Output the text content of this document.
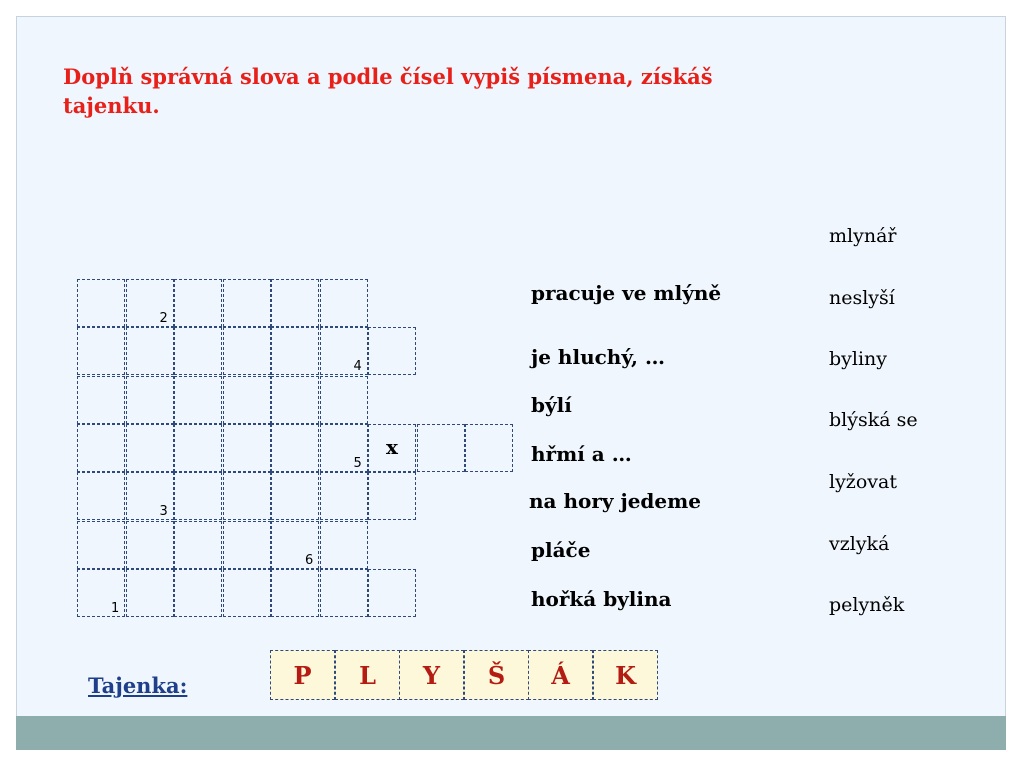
Doplň správná slova a podle čísel vypiš písmena, získáš tajenku.
1
2
3
4
5
6
x
pracuje ve mlýně
je hluchý, …
býlí
hřmí a …
na hory jedeme
pláče
hořká bylina
mlynář
neslyší
byliny
blýská se
lyžovat
vzlyká
pelyněk
Tajenka:	P	L	Y	Š	Á	K
